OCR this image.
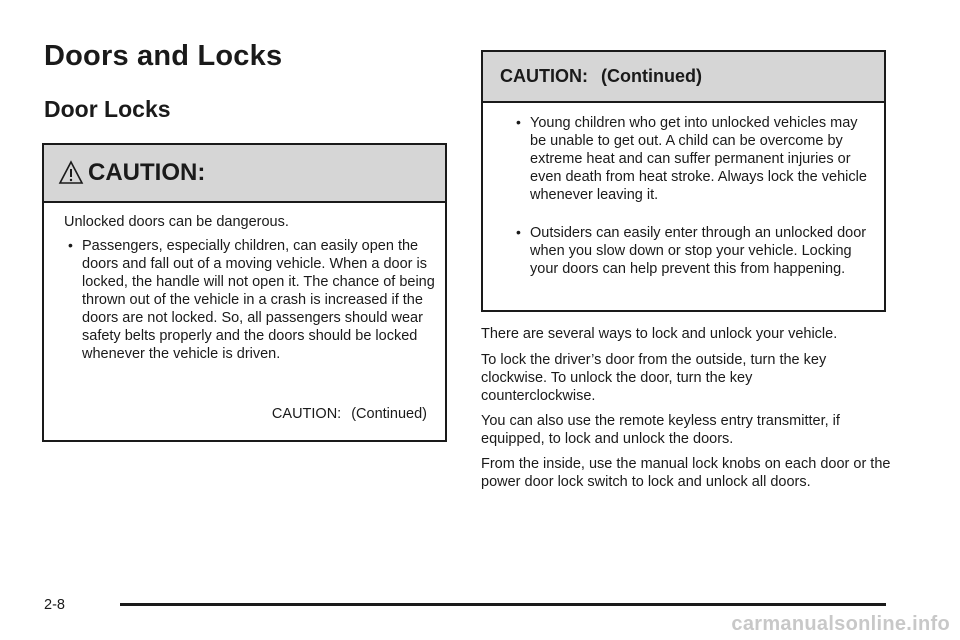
Doors and Locks
Door Locks
CAUTION:
Unlocked doors can be dangerous.
• Passengers, especially children, can easily open the doors and fall out of a moving vehicle. When a door is locked, the handle will not open it. The chance of being thrown out of the vehicle in a crash is increased if the doors are not locked. So, all passengers should wear safety belts properly and the doors should be locked whenever the vehicle is driven.
CAUTION: (Continued)
CAUTION: (Continued)
• Young children who get into unlocked vehicles may be unable to get out. A child can be overcome by extreme heat and can suffer permanent injuries or even death from heat stroke. Always lock the vehicle whenever leaving it.
• Outsiders can easily enter through an unlocked door when you slow down or stop your vehicle. Locking your doors can help prevent this from happening.
There are several ways to lock and unlock your vehicle.
To lock the driver’s door from the outside, turn the key clockwise. To unlock the door, turn the key counterclockwise.
You can also use the remote keyless entry transmitter, if equipped, to lock and unlock the doors.
From the inside, use the manual lock knobs on each door or the power door lock switch to lock and unlock all doors.
2-8
carmanualsonline.info
